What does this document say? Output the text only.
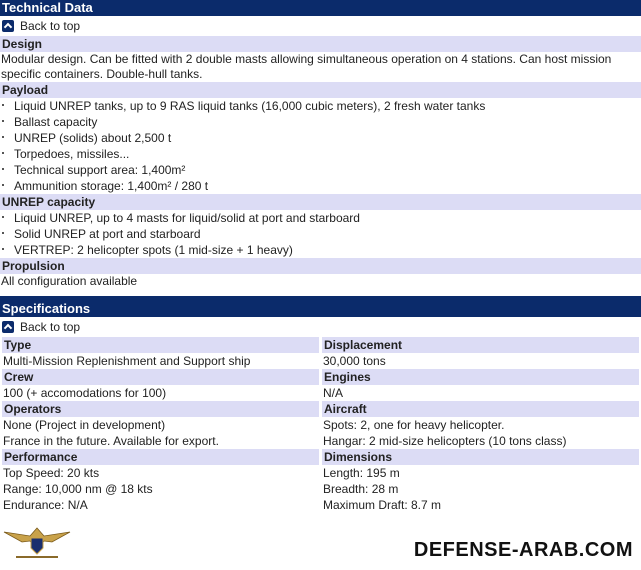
Technical Data
Back to top
Design
Modular design. Can be fitted with 2 double masts allowing simultaneous operation on 4 stations. Can host mission specific containers. Double-hull tanks.
Payload
Liquid UNREP tanks, up to 9 RAS liquid tanks (16,000 cubic meters), 2 fresh water tanks
Ballast capacity
UNREP (solids) about 2,500 t
Torpedoes, missiles...
Technical support area: 1,400m²
Ammunition storage: 1,400m² / 280 t
UNREP capacity
Liquid UNREP, up to 4 masts for liquid/solid at port and starboard
Solid UNREP at port and starboard
VERTREP: 2 helicopter spots (1 mid-size + 1 heavy)
Propulsion
All configuration available
Specifications
Back to top
Type
Multi-Mission Replenishment and Support ship
Crew
100 (+ accomodations for 100)
Operators
None (Project in development)
France in the future. Available for export.
Performance
Top Speed: 20 kts
Range: 10,000 nm @ 18 kts
Endurance: N/A
Displacement
30,000 tons
Engines
N/A
Aircraft
Spots: 2, one for heavy helicopter.
Hangar: 2 mid-size helicopters (10 tons class)
Dimensions
Length: 195 m
Breadth: 28 m
Maximum Draft: 8.7 m
DEFENSE-ARAB.COM
